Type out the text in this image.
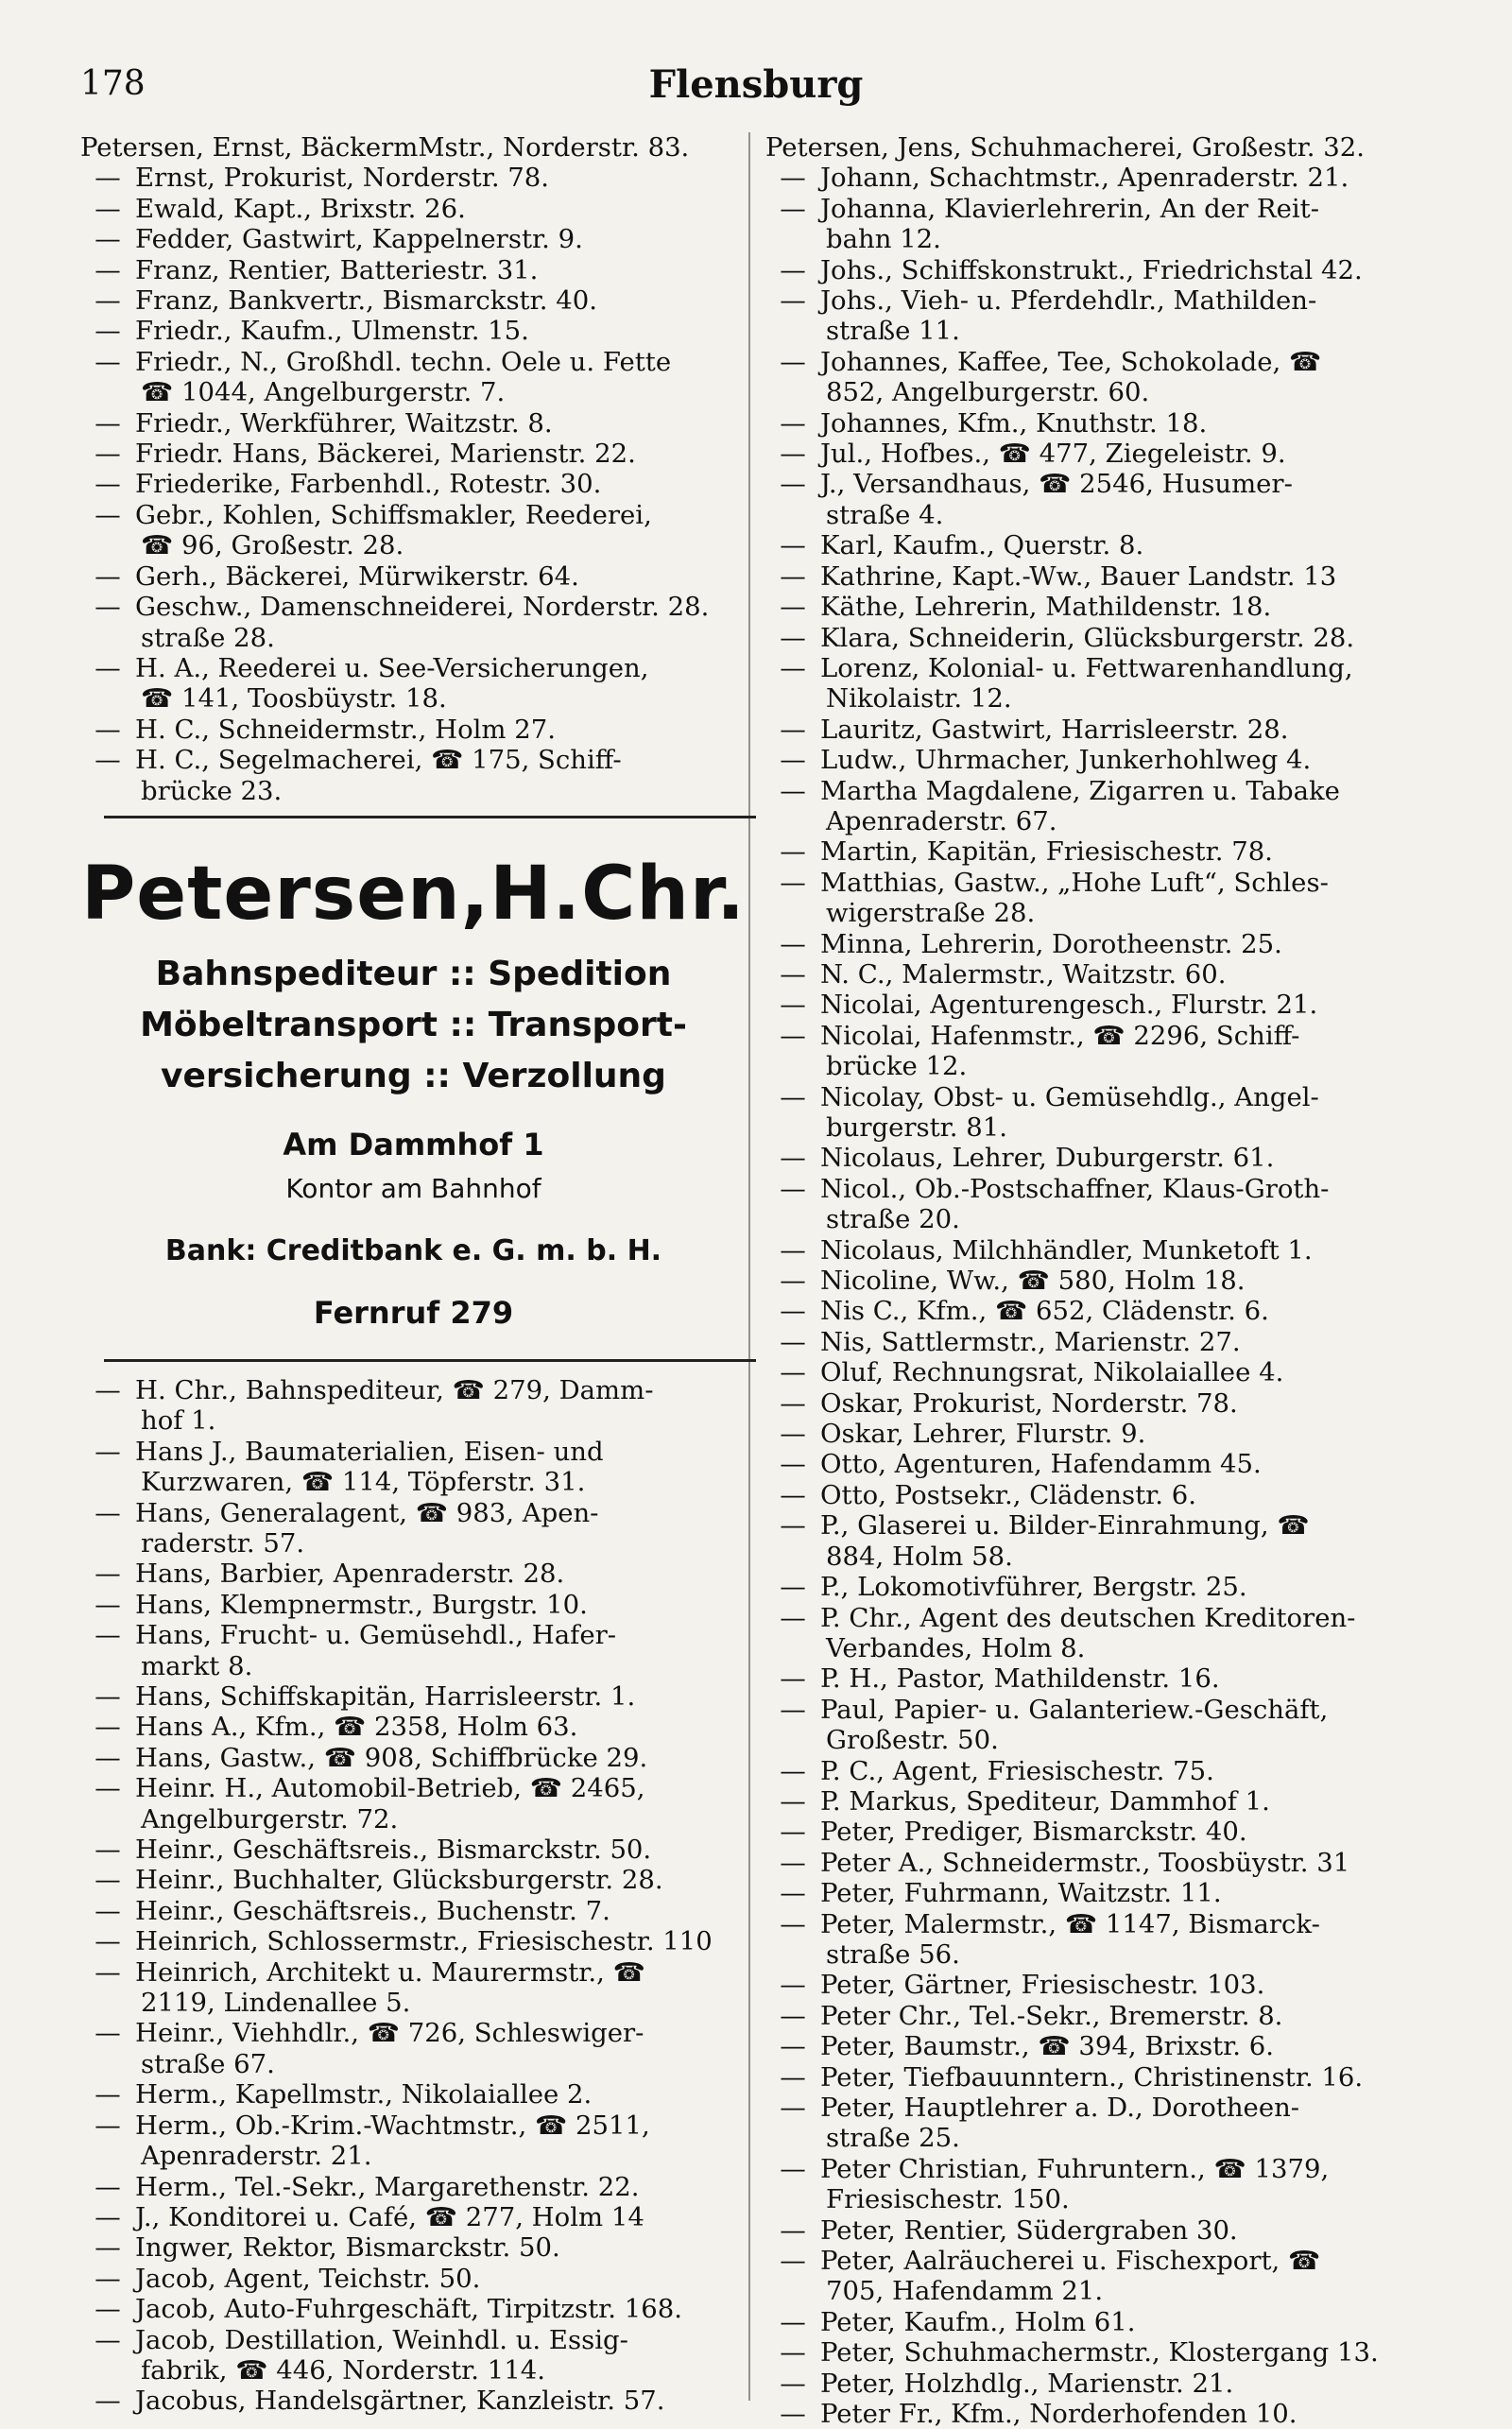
178	Flensburg
Petersen, Ernst, BäckermMstr., Norderstr. 83.
— Ernst, Prokurist, Norderstr. 78.
— Ewald, Kapt., Brixstr. 26.
— Fedder, Gastwirt, Kappelnerstr. 9.
— Franz, Rentier, Batteriestr. 31.
— Franz, Bankvertr., Bismarckstr. 40.
— Friedr., Kaufm., Ulmenstr. 15.
— Friedr., N., Großhdl. techn. Oele u. Fette
☎ 1044, Angelburgerstr. 7.
— Friedr., Werkführer, Waitzstr. 8.
— Friedr. Hans, Bäckerei, Marienstr. 22.
— Friederike, Farbenhdl., Rotestr. 30.
— Gebr., Kohlen, Schiffsmakler, Reederei,
☎ 96, Großestr. 28.
— Gerh., Bäckerei, Mürwikerstr. 64.
— Geschw., Damenschneiderei, Norderstr. 28.
straße 28.
— H. A., Reederei u. See-Versicherungen,
☎ 141, Toosbüystr. 18.
— H. C., Schneidermstr., Holm 27.
— H. C., Segelmacherei, ☎ 175, Schiff-
brücke 23.
Petersen,H.Chr.
Bahnspediteur :: Spedition
Möbeltransport :: Transport-
versicherung :: Verzollung
Am Dammhof 1
Kontor am Bahnhof
Bank: Creditbank e. G. m. b. H.
Fernruf 279
— H. Chr., Bahnspediteur, ☎ 279, Damm-
hof 1.
— Hans J., Baumaterialien, Eisen- und
Kurzwaren, ☎ 114, Töpferstr. 31.
— Hans, Generalagent, ☎ 983, Apen-
raderstr. 57.
— Hans, Barbier, Apenraderstr. 28.
— Hans, Klempnermstr., Burgstr. 10.
— Hans, Frucht- u. Gemüsehdl., Hafer-
markt 8.
— Hans, Schiffskapitän, Harrisleerstr. 1.
— Hans A., Kfm., ☎ 2358, Holm 63.
— Hans, Gastw., ☎ 908, Schiffbrücke 29.
— Heinr. H., Automobil-Betrieb, ☎ 2465,
Angelburgerstr. 72.
— Heinr., Geschäftsreis., Bismarckstr. 50.
— Heinr., Buchhalter, Glücksburgerstr. 28.
— Heinr., Geschäftsreis., Buchenstr. 7.
— Heinrich, Schlossermstr., Friesischestr. 110
— Heinrich, Architekt u. Maurermstr., ☎
2119, Lindenallee 5.
— Heinr., Viehhdlr., ☎ 726, Schleswiger-
straße 67.
— Herm., Kapellmstr., Nikolaiallee 2.
— Herm., Ob.-Krim.-Wachtmstr., ☎ 2511,
Apenraderstr. 21.
— Herm., Tel.-Sekr., Margarethenstr. 22.
— J., Konditorei u. Café, ☎ 277, Holm 14
— Ingwer, Rektor, Bismarckstr. 50.
— Jacob, Agent, Teichstr. 50.
— Jacob, Auto-Fuhrgeschäft, Tirpitzstr. 168.
— Jacob, Destillation, Weinhdl. u. Essig-
fabrik, ☎ 446, Norderstr. 114.
— Jacobus, Handelsgärtner, Kanzleistr. 57.
Petersen, Jens, Schuhmacherei, Großestr. 32.
— Johann, Schachtmstr., Apenraderstr. 21.
— Johanna, Klavierlehrerin, An der Reit-
bahn 12.
— Johs., Schiffskonstrukt., Friedrichstal 42.
— Johs., Vieh- u. Pferdehdlr., Mathilden-
straße 11.
— Johannes, Kaffee, Tee, Schokolade, ☎
852, Angelburgerstr. 60.
— Johannes, Kfm., Knuthstr. 18.
— Jul., Hofbes., ☎ 477, Ziegeleistr. 9.
— J., Versandhaus, ☎ 2546, Husumer-
straße 4.
— Karl, Kaufm., Querstr. 8.
— Kathrine, Kapt.-Ww., Bauer Landstr. 13
— Käthe, Lehrerin, Mathildenstr. 18.
— Klara, Schneiderin, Glücksburgerstr. 28.
— Lorenz, Kolonial- u. Fettwarenhandlung,
Nikolaistr. 12.
— Lauritz, Gastwirt, Harrisleerstr. 28.
— Ludw., Uhrmacher, Junkerhohlweg 4.
— Martha Magdalene, Zigarren u. Tabake
Apenraderstr. 67.
— Martin, Kapitän, Friesischestr. 78.
— Matthias, Gastw., „Hohe Luft“, Schles-
wigerstraße 28.
— Minna, Lehrerin, Dorotheenstr. 25.
— N. C., Malermstr., Waitzstr. 60.
— Nicolai, Agenturengesch., Flurstr. 21.
— Nicolai, Hafenmstr., ☎ 2296, Schiff-
brücke 12.
— Nicolay, Obst- u. Gemüsehdlg., Angel-
burgerstr. 81.
— Nicolaus, Lehrer, Duburgerstr. 61.
— Nicol., Ob.-Postschaffner, Klaus-Groth-
straße 20.
— Nicolaus, Milchhändler, Munketoft 1.
— Nicoline, Ww., ☎ 580, Holm 18.
— Nis C., Kfm., ☎ 652, Clädenstr. 6.
— Nis, Sattlermstr., Marienstr. 27.
— Oluf, Rechnungsrat, Nikolaiallee 4.
— Oskar, Prokurist, Norderstr. 78.
— Oskar, Lehrer, Flurstr. 9.
— Otto, Agenturen, Hafendamm 45.
— Otto, Postsekr., Clädenstr. 6.
— P., Glaserei u. Bilder-Einrahmung, ☎
884, Holm 58.
— P., Lokomotivführer, Bergstr. 25.
— P. Chr., Agent des deutschen Kreditoren-
Verbandes, Holm 8.
— P. H., Pastor, Mathildenstr. 16.
— Paul, Papier- u. Galanteriew.-Geschäft,
Großestr. 50.
— P. C., Agent, Friesischestr. 75.
— P. Markus, Spediteur, Dammhof 1.
— Peter, Prediger, Bismarckstr. 40.
— Peter A., Schneidermstr., Toosbüystr. 31
— Peter, Fuhrmann, Waitzstr. 11.
— Peter, Malermstr., ☎ 1147, Bismarck-
straße 56.
— Peter, Gärtner, Friesischestr. 103.
— Peter Chr., Tel.-Sekr., Bremerstr. 8.
— Peter, Baumstr., ☎ 394, Brixstr. 6.
— Peter, Tiefbauunntern., Christinenstr. 16.
— Peter, Hauptlehrer a. D., Dorotheen-
straße 25.
— Peter Christian, Fuhruntern., ☎ 1379,
Friesischestr. 150.
— Peter, Rentier, Südergraben 30.
— Peter, Aalräucherei u. Fischexport, ☎
705, Hafendamm 21.
— Peter, Kaufm., Holm 61.
— Peter, Schuhmachermstr., Klostergang 13.
— Peter, Holzhdlg., Marienstr. 21.
— Peter Fr., Kfm., Norderhofenden 10.
